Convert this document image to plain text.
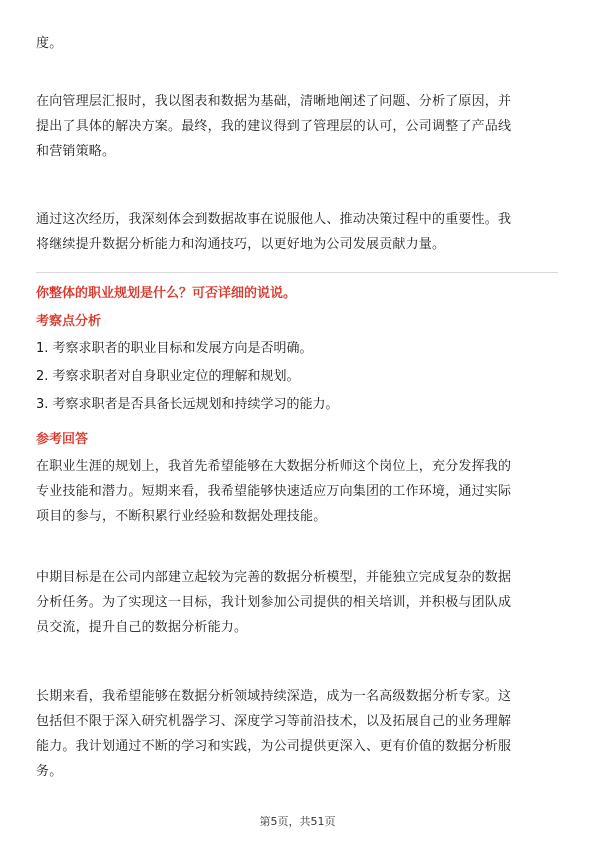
度。
在向管理层汇报时，我以图表和数据为基础，清晰地阐述了问题、分析了原因，并
提出了具体的解决方案。最终，我的建议得到了管理层的认可，公司调整了产品线
和营销策略。
通过这次经历，我深刻体会到数据故事在说服他人、推动决策过程中的重要性。我
将继续提升数据分析能力和沟通技巧，以更好地为公司发展贡献力量。
你整体的职业规划是什么？可否详细的说说。
考察点分析
1. 考察求职者的职业目标和发展方向是否明确。
2. 考察求职者对自身职业定位的理解和规划。
3. 考察求职者是否具备长远规划和持续学习的能力。
参考回答
在职业生涯的规划上，我首先希望能够在大数据分析师这个岗位上，充分发挥我的
专业技能和潜力。短期来看，我希望能够快速适应万向集团的工作环境，通过实际
项目的参与，不断积累行业经验和数据处理技能。
中期目标是在公司内部建立起较为完善的数据分析模型，并能独立完成复杂的数据
分析任务。为了实现这一目标，我计划参加公司提供的相关培训，并积极与团队成
员交流，提升自己的数据分析能力。
长期来看，我希望能够在数据分析领域持续深造，成为一名高级数据分析专家。这
包括但不限于深入研究机器学习、深度学习等前沿技术，以及拓展自己的业务理解
能力。我计划通过不断的学习和实践，为公司提供更深入、更有价值的数据分析服
务。
第5页，共51页
